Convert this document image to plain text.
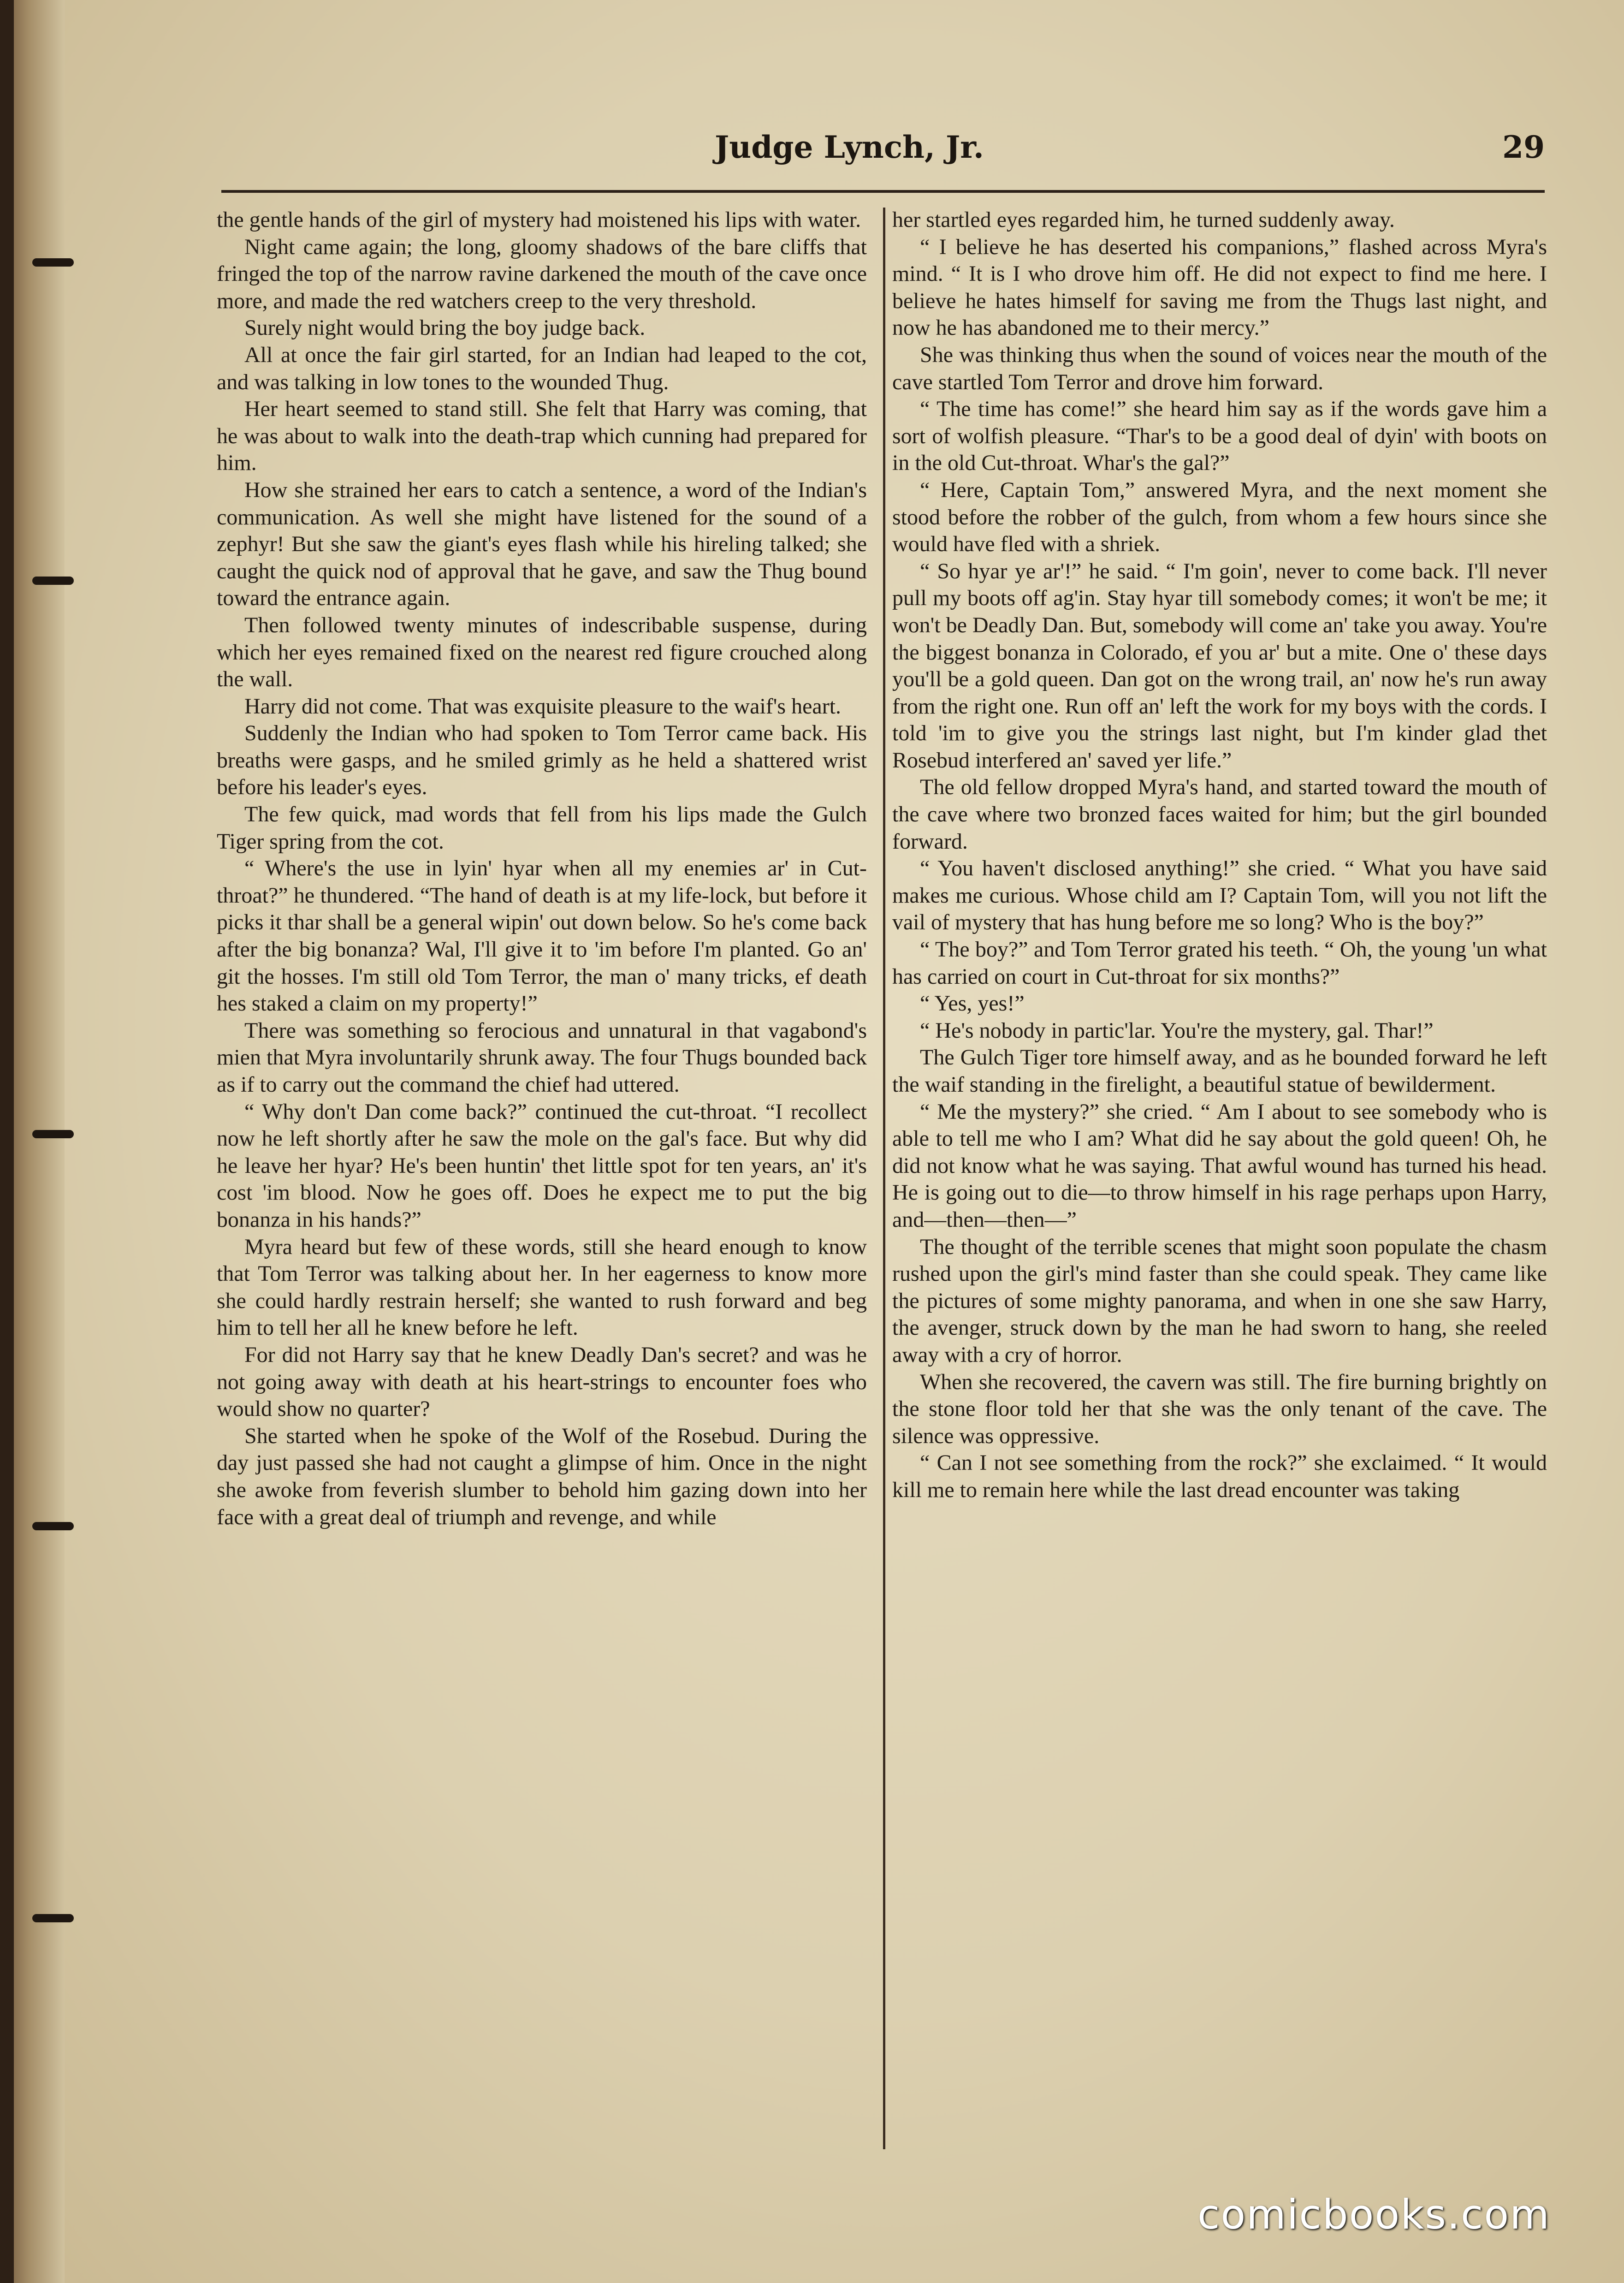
Judge Lynch, Jr.	29

the gentle hands of the girl of mystery had moistened his lips with water.

Night came again; the long, gloomy shadows of the bare cliffs that fringed the top of the narrow ravine darkened the mouth of the cave once more, and made the red watchers creep to the very threshold.

Surely night would bring the boy judge back.

All at once the fair girl started, for an Indian had leaped to the cot, and was talking in low tones to the wounded Thug.

Her heart seemed to stand still. She felt that Harry was coming, that he was about to walk into the death-trap which cunning had prepared for him.

How she strained her ears to catch a sentence, a word of the Indian's communication. As well she might have listened for the sound of a zephyr! But she saw the giant's eyes flash while his hireling talked; she caught the quick nod of approval that he gave, and saw the Thug bound toward the entrance again.

Then followed twenty minutes of indescribable suspense, during which her eyes remained fixed on the nearest red figure crouched along the wall.

Harry did not come. That was exquisite pleasure to the waif's heart.

Suddenly the Indian who had spoken to Tom Terror came back. His breaths were gasps, and he smiled grimly as he held a shattered wrist before his leader's eyes.

The few quick, mad words that fell from his lips made the Gulch Tiger spring from the cot.

“ Where's the use in lyin' hyar when all my enemies ar' in Cut-throat?” he thundered. “The hand of death is at my life-lock, but before it picks it thar shall be a general wipin' out down below. So he's come back after the big bonanza? Wal, I'll give it to 'im before I'm planted. Go an' git the hosses. I'm still old Tom Terror, the man o' many tricks, ef death hes staked a claim on my property!”

There was something so ferocious and unnatural in that vagabond's mien that Myra involuntarily shrunk away. The four Thugs bounded back as if to carry out the command the chief had uttered.

“ Why don't Dan come back?” continued the cut-throat. “I recollect now he left shortly after he saw the mole on the gal's face. But why did he leave her hyar? He's been huntin' thet little spot for ten years, an' it's cost 'im blood. Now he goes off. Does he expect me to put the big bonanza in his hands?”

Myra heard but few of these words, still she heard enough to know that Tom Terror was talking about her. In her eagerness to know more she could hardly restrain herself; she wanted to rush forward and beg him to tell her all he knew before he left.

For did not Harry say that he knew Deadly Dan's secret? and was he not going away with death at his heart-strings to encounter foes who would show no quarter?

She started when he spoke of the Wolf of the Rosebud. During the day just passed she had not caught a glimpse of him. Once in the night she awoke from feverish slumber to behold him gazing down into her face with a great deal of triumph and revenge, and while

her startled eyes regarded him, he turned suddenly away.

“ I believe he has deserted his companions,” flashed across Myra's mind. “ It is I who drove him off. He did not expect to find me here. I believe he hates himself for saving me from the Thugs last night, and now he has abandoned me to their mercy.”

She was thinking thus when the sound of voices near the mouth of the cave startled Tom Terror and drove him forward.

“ The time has come!” she heard him say as if the words gave him a sort of wolfish pleasure. “Thar's to be a good deal of dyin' with boots on in the old Cut-throat. Whar's the gal?”

“ Here, Captain Tom,” answered Myra, and the next moment she stood before the robber of the gulch, from whom a few hours since she would have fled with a shriek.

“ So hyar ye ar'!” he said. “ I'm goin', never to come back. I'll never pull my boots off ag'in. Stay hyar till somebody comes; it won't be me; it won't be Deadly Dan. But, somebody will come an' take you away. You're the biggest bonanza in Colorado, ef you ar' but a mite. One o' these days you'll be a gold queen. Dan got on the wrong trail, an' now he's run away from the right one. Run off an' left the work for my boys with the cords. I told 'im to give you the strings last night, but I'm kinder glad thet Rosebud interfered an' saved yer life.”

The old fellow dropped Myra's hand, and started toward the mouth of the cave where two bronzed faces waited for him; but the girl bounded forward.

“ You haven't disclosed anything!” she cried. “ What you have said makes me curious. Whose child am I? Captain Tom, will you not lift the vail of mystery that has hung before me so long? Who is the boy?”

“ The boy?” and Tom Terror grated his teeth. “ Oh, the young 'un what has carried on court in Cut-throat for six months?”

“ Yes, yes!”

“ He's nobody in partic'lar. You're the mystery, gal. Thar!”

The Gulch Tiger tore himself away, and as he bounded forward he left the waif standing in the firelight, a beautiful statue of bewilderment.

“ Me the mystery?” she cried. “ Am I about to see somebody who is able to tell me who I am? What did he say about the gold queen! Oh, he did not know what he was saying. That awful wound has turned his head. He is going out to die—to throw himself in his rage perhaps upon Harry, and—then—then—”

The thought of the terrible scenes that might soon populate the chasm rushed upon the girl's mind faster than she could speak. They came like the pictures of some mighty panorama, and when in one she saw Harry, the avenger, struck down by the man he had sworn to hang, she reeled away with a cry of horror.

When she recovered, the cavern was still. The fire burning brightly on the stone floor told her that she was the only tenant of the cave. The silence was oppressive.

“ Can I not see something from the rock?” she exclaimed. “ It would kill me to remain here while the last dread encounter was taking

comicbooks.com
